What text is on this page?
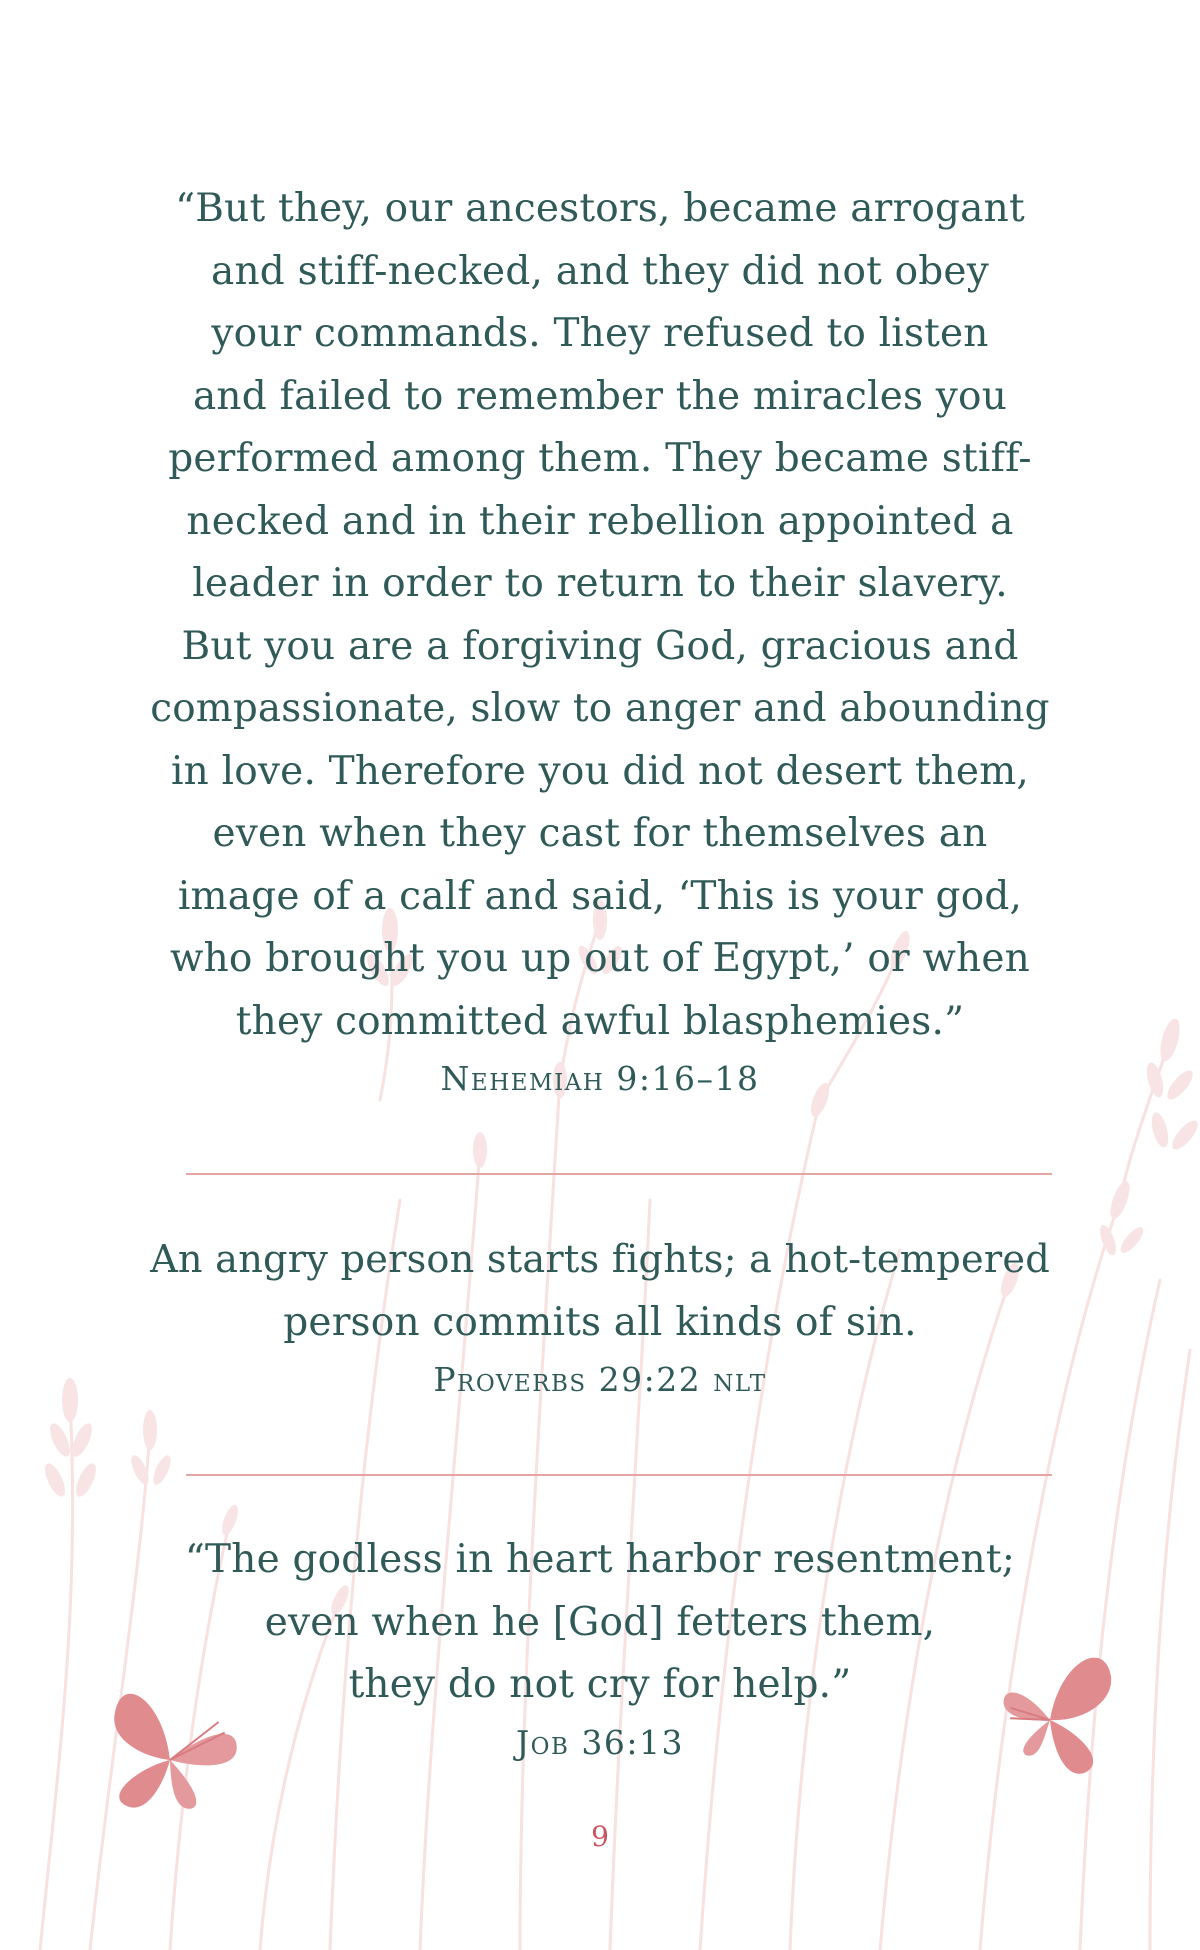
“But they, our ancestors, became arrogant
and stiff-necked, and they did not obey
your commands. They refused to listen
and failed to remember the miracles you
performed among them. They became stiff-
necked and in their rebellion appointed a
leader in order to return to their slavery.
But you are a forgiving God, gracious and
compassionate, slow to anger and abounding
in love. Therefore you did not desert them,
even when they cast for themselves an
image of a calf and said, ‘This is your god,
who brought you up out of Egypt,’ or when
they committed awful blasphemies.”
Nehemiah 9:16–18
An angry person starts fights; a hot-tempered
person commits all kinds of sin.
Proverbs 29:22 nlt
“The godless in heart harbor resentment;
even when he [God] fetters them,
they do not cry for help.”
Job 36:13
9
